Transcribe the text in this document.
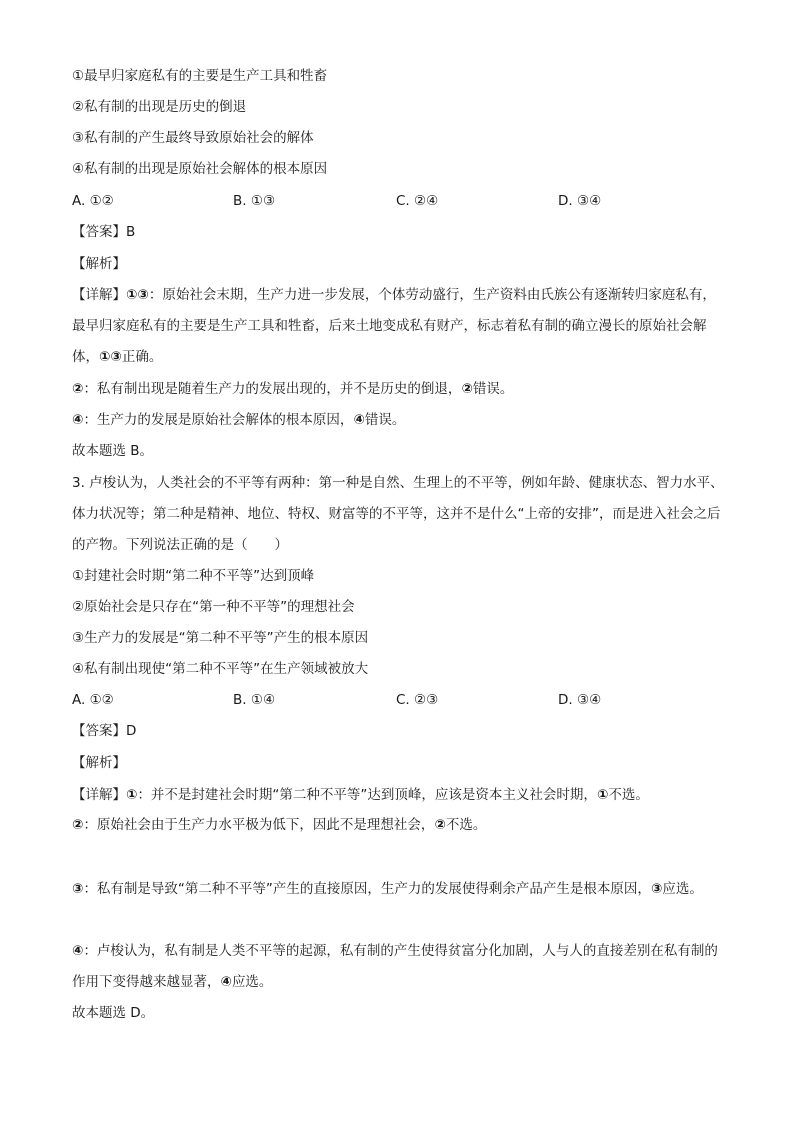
①最早归家庭私有的主要是生产工具和牲畜
②私有制的出现是历史的倒退
③私有制的产生最终导致原始社会的解体
④私有制的出现是原始社会解体的根本原因
A. ①②	B. ①③	C. ②④	D. ③④
【答案】B
【解析】
【详解】①③：原始社会末期，生产力进一步发展，个体劳动盛行，生产资料由氏族公有逐渐转归家庭私有，最早归家庭私有的主要是生产工具和牲畜，后来土地变成私有财产，标志着私有制的确立漫长的原始社会解体，①③正确。
②：私有制出现是随着生产力的发展出现的，并不是历史的倒退，②错误。
④：生产力的发展是原始社会解体的根本原因，④错误。
故本题选 B。
3. 卢梭认为，人类社会的不平等有两种：第一种是自然、生理上的不平等，例如年龄、健康状态、智力水平、体力状况等；第二种是精神、地位、特权、财富等的不平等，这并不是什么“上帝的安排”，而是进入社会之后的产物。下列说法正确的是（　　）
①封建社会时期“第二种不平等”达到顶峰
②原始社会是只存在“第一种不平等”的理想社会
③生产力的发展是“第二种不平等”产生的根本原因
④私有制出现使“第二种不平等”在生产领域被放大
A. ①②	B. ①④	C. ②③	D. ③④
【答案】D
【解析】
【详解】①：并不是封建社会时期“第二种不平等”达到顶峰，应该是资本主义社会时期，①不选。
②：原始社会由于生产力水平极为低下，因此不是理想社会，②不选。
③：私有制是导致“第二种不平等”产生的直接原因，生产力的发展使得剩余产品产生是根本原因，③应选。
④：卢梭认为，私有制是人类不平等的起源，私有制的产生使得贫富分化加剧，人与人的直接差别在私有制的作用下变得越来越显著，④应选。
故本题选 D。
